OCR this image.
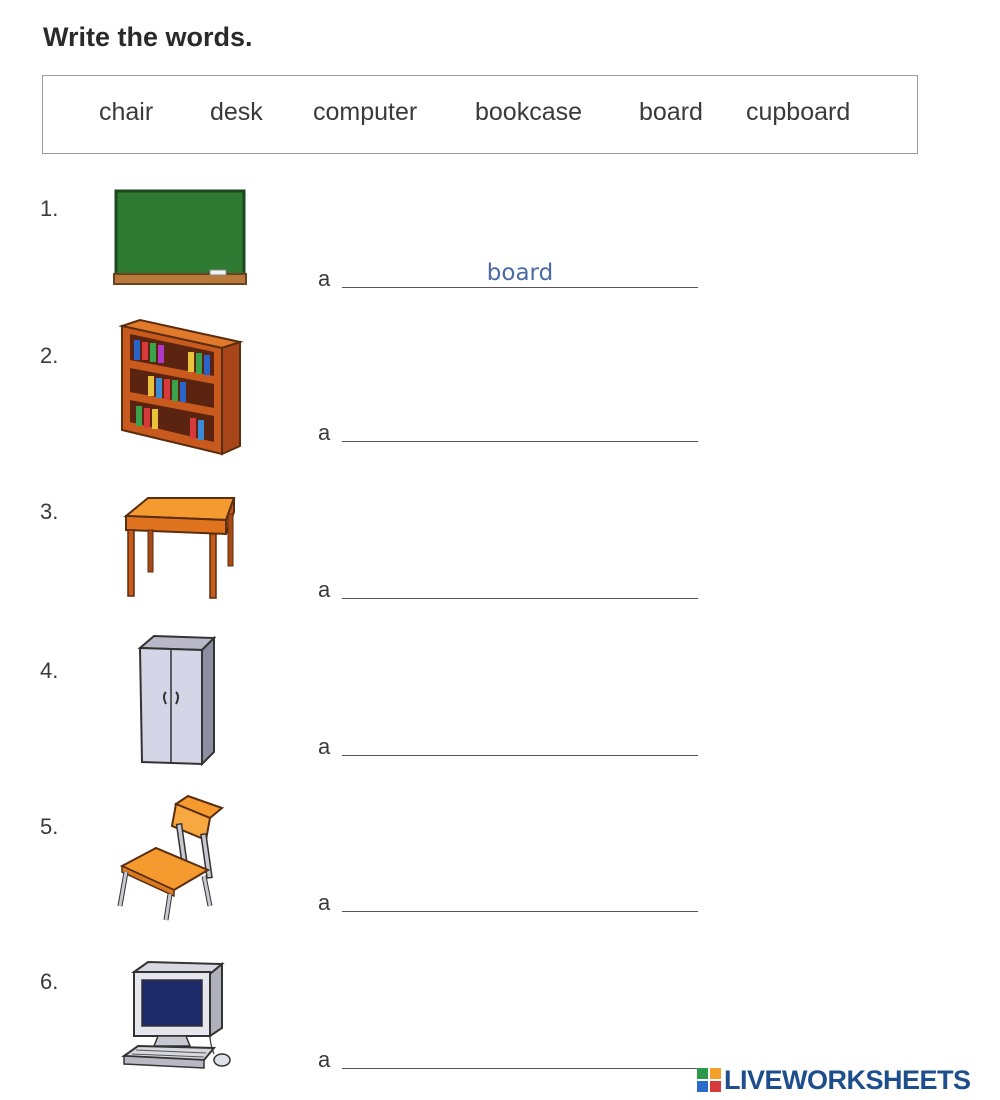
Write the words.
chair desk computer bookcase board cupboard
1.
a
board
2.
a
3.
a
4.
a
5.
a
6.
a
LIVEWORKSHEETS
